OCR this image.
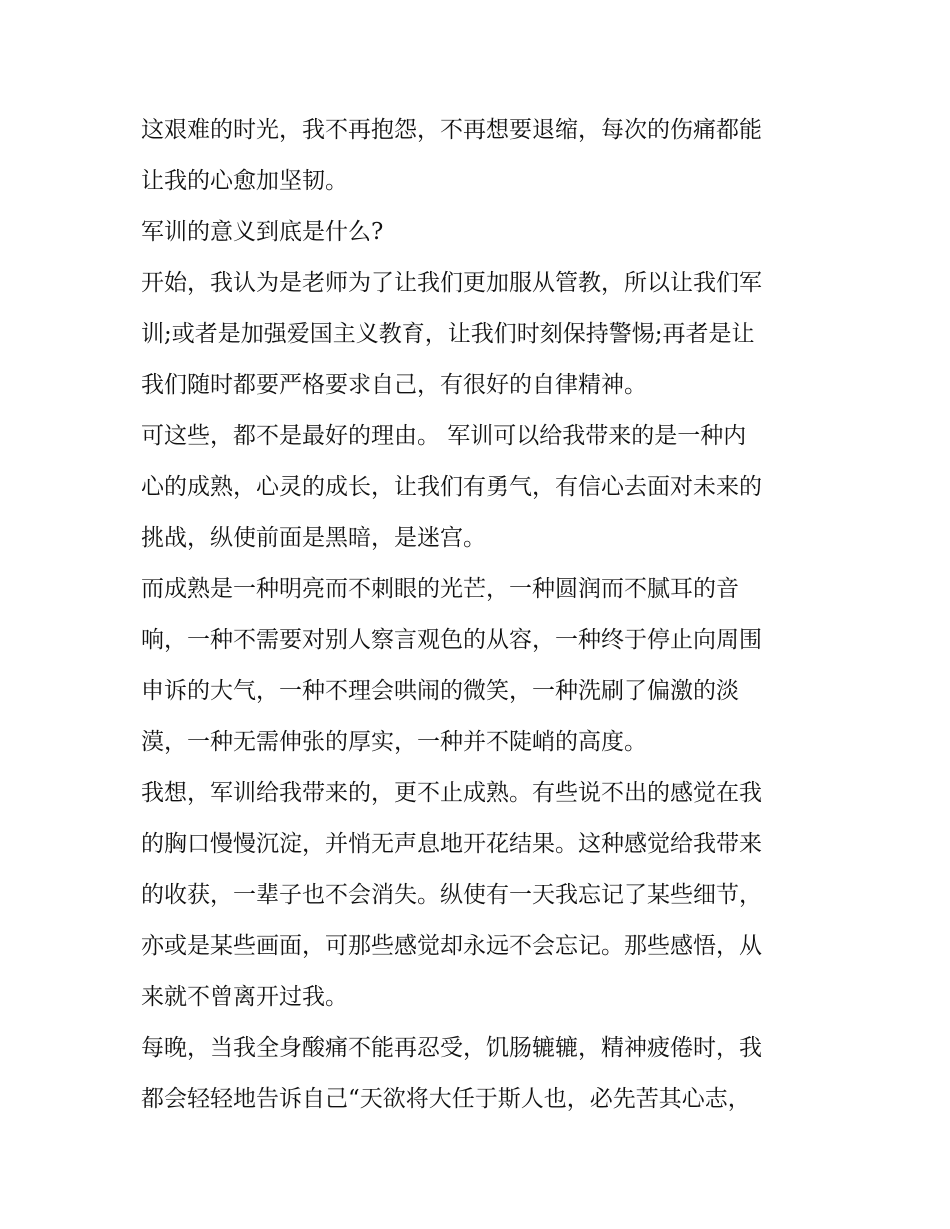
这艰难的时光，我不再抱怨，不再想要退缩，每次的伤痛都能
让我的心愈加坚韧。
军训的意义到底是什么?
开始，我认为是老师为了让我们更加服从管教，所以让我们军
训;或者是加强爱国主义教育，让我们时刻保持警惕;再者是让
我们随时都要严格要求自己，有很好的自律精神。
可这些，都不是最好的理由。 军训可以给我带来的是一种内
心的成熟，心灵的成长，让我们有勇气，有信心去面对未来的
挑战，纵使前面是黑暗，是迷宫。
而成熟是一种明亮而不刺眼的光芒，一种圆润而不腻耳的音
响，一种不需要对别人察言观色的从容，一种终于停止向周围
申诉的大气，一种不理会哄闹的微笑，一种洗刷了偏激的淡
漠，一种无需伸张的厚实，一种并不陡峭的高度。
我想，军训给我带来的，更不止成熟。有些说不出的感觉在我
的胸口慢慢沉淀，并悄无声息地开花结果。这种感觉给我带来
的收获，一辈子也不会消失。纵使有一天我忘记了某些细节，
亦或是某些画面，可那些感觉却永远不会忘记。那些感悟，从
来就不曾离开过我。
每晚，当我全身酸痛不能再忍受，饥肠辘辘，精神疲倦时，我
都会轻轻地告诉自己“天欲将大任于斯人也，必先苦其心志，
